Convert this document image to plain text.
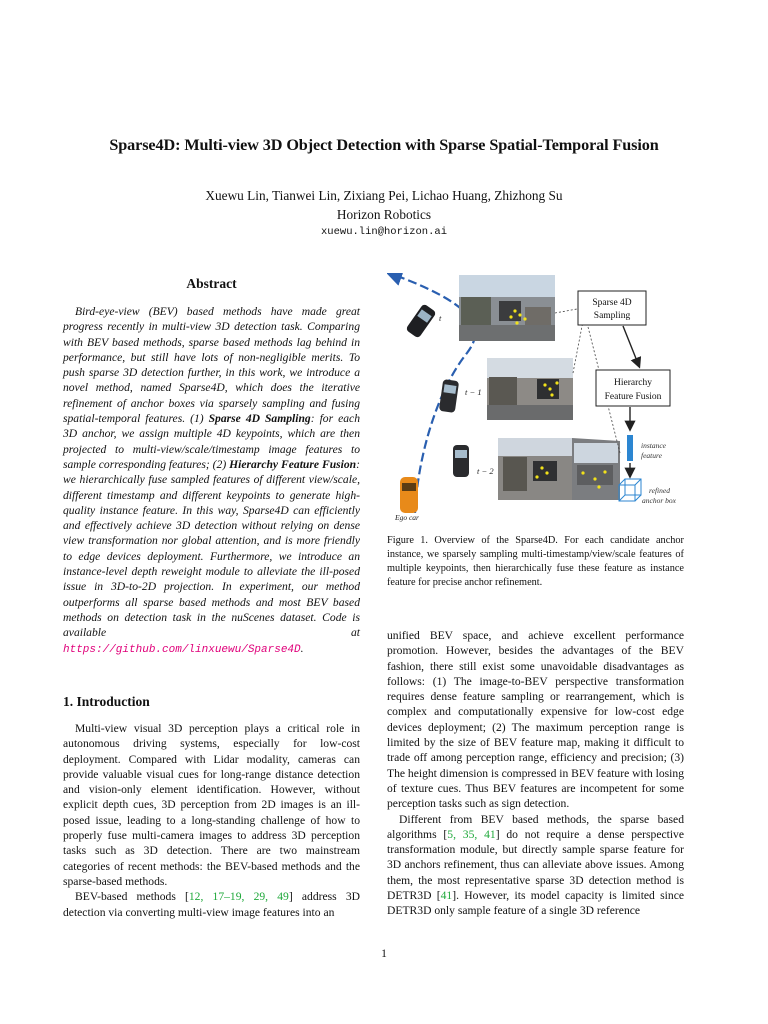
Sparse4D: Multi-view 3D Object Detection with Sparse Spatial-Temporal Fusion
Xuewu Lin, Tianwei Lin, Zixiang Pei, Lichao Huang, Zhizhong Su
Horizon Robotics
xuewu.lin@horizon.ai
Abstract
Bird-eye-view (BEV) based methods have made great progress recently in multi-view 3D detection task. Comparing with BEV based methods, sparse based methods lag behind in performance, but still have lots of non-negligible merits. To push sparse 3D detection further, in this work, we introduce a novel method, named Sparse4D, which does the iterative refinement of anchor boxes via sparsely sampling and fusing spatial-temporal features. (1) Sparse 4D Sampling: for each 3D anchor, we assign multiple 4D keypoints, which are then projected to multi-view/scale/timestamp image features to sample corresponding features; (2) Hierarchy Feature Fusion: we hierarchically fuse sampled features of different view/scale, different timestamp and different keypoints to generate high-quality instance feature. In this way, Sparse4D can efficiently and effectively achieve 3D detection without relying on dense view transformation nor global attention, and is more friendly to edge devices deployment. Furthermore, we introduce an instance-level depth reweight module to alleviate the ill-posed issue in 3D-to-2D projection. In experiment, our method outperforms all sparse based methods and most BEV based methods on detection task in the nuScenes dataset. Code is available at https://github.com/linxuewu/Sparse4D.
1. Introduction

Multi-view visual 3D perception plays a critical role in autonomous driving systems, especially for low-cost deployment. Compared with Lidar modality, cameras can provide valuable visual cues for long-range distance detection and vision-only element identification. However, without explicit depth cues, 3D perception from 2D images is an ill-posed issue, leading to a long-standing challenge of how to properly fuse multi-camera images to address 3D perception tasks such as 3D detection. There are two mainstream categories of recent methods: the BEV-based methods and the sparse-based methods.

BEV-based methods [12, 17–19, 29, 49] address 3D detection via converting multi-view image features into an

t
t − 1
t − 2
Ego car
Sparse 4D
Sampling
Hierarchy
Feature Fusion
instance
feature
refined
anchor box
Figure 1. Overview of the Sparse4D. For each candidate anchor instance, we sparsely sampling multi-timestamp/view/scale features of multiple keypoints, then hierarchically fuse these feature as instance feature for precise anchor refinement.

unified BEV space, and achieve excellent performance promotion. However, besides the advantages of the BEV fashion, there still exist some unavoidable disadvantages as follows: (1) The image-to-BEV perspective transformation requires dense feature sampling or rearrangement, which is complex and computationally expensive for low-cost edge devices deployment; (2) The maximum perception range is limited by the size of BEV feature map, making it difficult to trade off among perception range, efficiency and precision; (3) The height dimension is compressed in BEV feature with losing of texture cues. Thus BEV features are incompetent for some perception tasks such as sign detection.

Different from BEV based methods, the sparse based algorithms [5, 35, 41] do not require a dense perspective transformation module, but directly sample sparse feature for 3D anchors refinement, thus can alleviate above issues. Among them, the most representative sparse 3D detection method is DETR3D [41]. However, its model capacity is limited since DETR3D only sample feature of a single 3D reference

1
